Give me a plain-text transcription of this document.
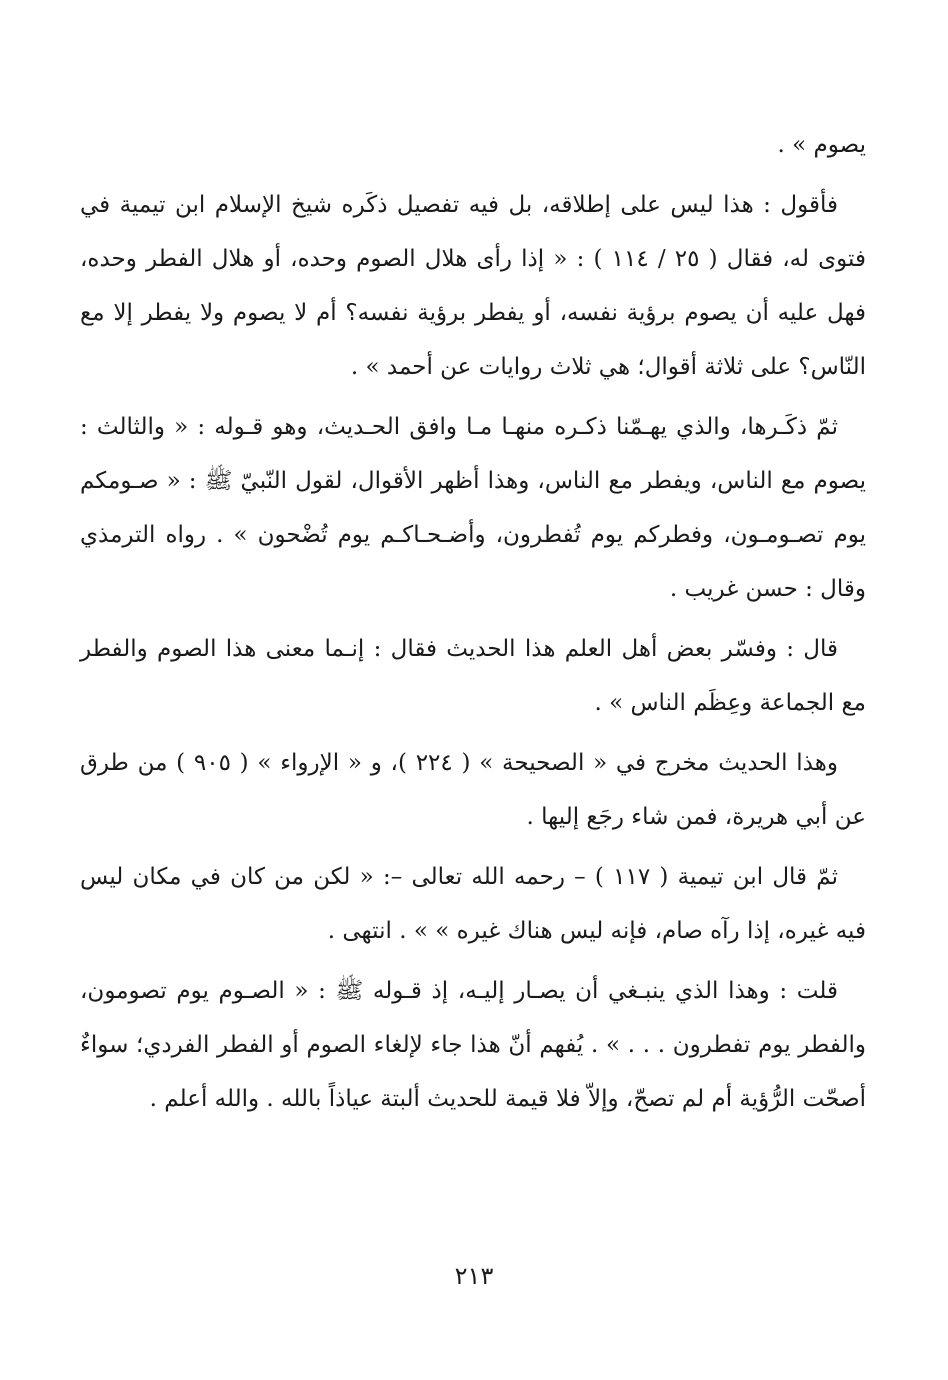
يصوم » .

فأقول : هذا ليس على إطلاقه، بل فيه تفصيل ذكَره شيخ الإسلام ابن تيمية في فتوى له، فقال ( ٢٥ / ١١٤ ) : « إذا رأى هلال الصوم وحده، أو هلال الفطر وحده، فهل عليه أن يصوم برؤية نفسه، أو يفطر برؤية نفسه؟ أم لا يصوم ولا يفطر إلا مع النّاس؟ على ثلاثة أقوال؛ هي ثلاث روايات عن أحمد » .

ثمّ ذكَـرها، والذي يهـمّنا ذكـره منهـا مـا وافق الحـديث، وهو قـوله : « والثالث : يصوم مع الناس، ويفطر مع الناس، وهذا أظهر الأقوال، لقول النّبيّ ﷺ : « صـومكم يوم تصـومـون، وفطركم يوم تُفطرون، وأضـحـاكـم يوم تُضْحون » . رواه الترمذي وقال : حسن غريب .

قال : وفسّر بعض أهل العلم هذا الحديث فقال : إنـما معنى هذا الصوم والفطر مع الجماعة وعِظَم الناس » .

وهذا الحديث مخرج في « الصحيحة » ( ٢٢٤ )، و « الإرواء » ( ٩٠٥ ) من طرق عن أبي هريرة، فمن شاء رجَع إليها .

ثمّ قال ابن تيمية ( ١١٧ ) – رحمه الله تعالى –: « لكن من كان في مكان ليس فيه غيره، إذا رآه صام، فإنه ليس هناك غيره » » . انتهى .

قلت : وهذا الذي ينبـغي أن يصـار إليـه، إذ قـوله ﷺ : « الصـوم يوم تصومون، والفطر يوم تفطرون . . . » . يُفهم أنّ هذا جاء لإلغاء الصوم أو الفطر الفردي؛ سواءٌ أصحّت الرُّؤية أم لم تصحّ، وإلاّ فلا قيمة للحديث ألبتة عياذاً بالله . والله أعلم .

٢١٣
